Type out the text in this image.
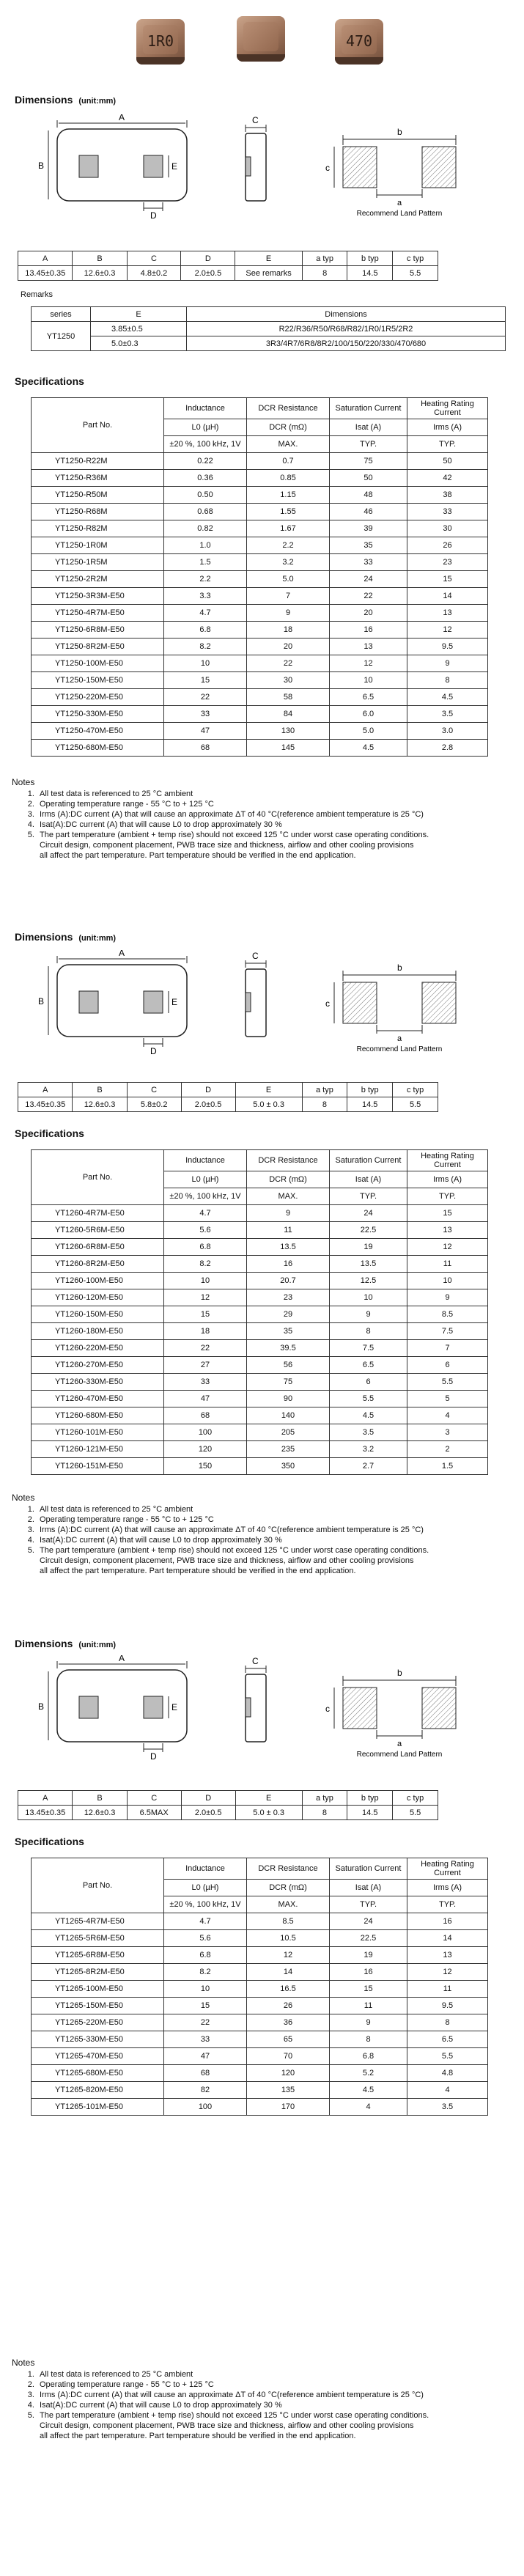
1R0	470
Dimensions (unit:mm)
A
B	E
D
C
b
c
a
Recommend Land Pattern
A	B	C	D	E	a typ	b typ	c typ
13.45±0.35	12.6±0.3	4.8±0.2	2.0±0.5	See remarks	8	14.5	5.5
Remarks
series	E	Dimensions
YT1250	3.85±0.5	R22/R36/R50/R68/R82/1R0/1R5/2R2
	5.0±0.3	3R3/4R7/6R8/8R2/100/150/220/330/470/680
Specifications
Part No.	Inductance	DCR Resistance	Saturation Current	Heating Rating Current
	L0 (µH)	DCR (mΩ)	Isat (A)	Irms (A)
	±20 %, 100 kHz, 1V	MAX.	TYP.	TYP.
YT1250-R22M	0.22	0.7	75	50
YT1250-R36M	0.36	0.85	50	42
YT1250-R50M	0.50	1.15	48	38
YT1250-R68M	0.68	1.55	46	33
YT1250-R82M	0.82	1.67	39	30
YT1250-1R0M	1.0	2.2	35	26
YT1250-1R5M	1.5	3.2	33	23
YT1250-2R2M	2.2	5.0	24	15
YT1250-3R3M-E50	3.3	7	22	14
YT1250-4R7M-E50	4.7	9	20	13
YT1250-6R8M-E50	6.8	18	16	12
YT1250-8R2M-E50	8.2	20	13	9.5
YT1250-100M-E50	10	22	12	9
YT1250-150M-E50	15	30	10	8
YT1250-220M-E50	22	58	6.5	4.5
YT1250-330M-E50	33	84	6.0	3.5
YT1250-470M-E50	47	130	5.0	3.0
YT1250-680M-E50	68	145	4.5	2.8
Notes
1. All test data is referenced to 25 °C ambient
2. Operating temperature range - 55 °C to + 125 °C
3. Irms (A):DC current (A) that will cause an approximate ΔT of 40 °C(reference ambient temperature is 25 °C)
4. Isat(A):DC current (A) that will cause L0 to drop approximately 30 %
5. The part temperature (ambient + temp rise) should not exceed 125 °C under worst case operating conditions.
Circuit design, component placement, PWB trace size and thickness, airflow and other cooling provisions
all affect the part temperature. Part temperature should be verified in the end application.
Dimensions (unit:mm)
A
B	E
D
C
b
c
a
Recommend Land Pattern
A	B	C	D	E	a typ	b typ	c typ
13.45±0.35	12.6±0.3	5.8±0.2	2.0±0.5	5.0 ± 0.3	8	14.5	5.5
Specifications
Part No.	Inductance	DCR Resistance	Saturation Current	Heating Rating Current
	L0 (µH)	DCR (mΩ)	Isat (A)	Irms (A)
	±20 %, 100 kHz, 1V	MAX.	TYP.	TYP.
YT1260-4R7M-E50	4.7	9	24	15
YT1260-5R6M-E50	5.6	11	22.5	13
YT1260-6R8M-E50	6.8	13.5	19	12
YT1260-8R2M-E50	8.2	16	13.5	11
YT1260-100M-E50	10	20.7	12.5	10
YT1260-120M-E50	12	23	10	9
YT1260-150M-E50	15	29	9	8.5
YT1260-180M-E50	18	35	8	7.5
YT1260-220M-E50	22	39.5	7.5	7
YT1260-270M-E50	27	56	6.5	6
YT1260-330M-E50	33	75	6	5.5
YT1260-470M-E50	47	90	5.5	5
YT1260-680M-E50	68	140	4.5	4
YT1260-101M-E50	100	205	3.5	3
YT1260-121M-E50	120	235	3.2	2
YT1260-151M-E50	150	350	2.7	1.5
Notes
1. All test data is referenced to 25 °C ambient
2. Operating temperature range - 55 °C to + 125 °C
3. Irms (A):DC current (A) that will cause an approximate ΔT of 40 °C(reference ambient temperature is 25 °C)
4. Isat(A):DC current (A) that will cause L0 to drop approximately 30 %
5. The part temperature (ambient + temp rise) should not exceed 125 °C under worst case operating conditions.
Circuit design, component placement, PWB trace size and thickness, airflow and other cooling provisions
all affect the part temperature. Part temperature should be verified in the end application.
Dimensions (unit:mm)
A
B	E
D
C
b
c
a
Recommend Land Pattern
A	B	C	D	E	a typ	b typ	c typ
13.45±0.35	12.6±0.3	6.5MAX	2.0±0.5	5.0 ± 0.3	8	14.5	5.5
Specifications
Part No.	Inductance	DCR Resistance	Saturation Current	Heating Rating Current
	L0 (µH)	DCR (mΩ)	Isat (A)	Irms (A)
	±20 %, 100 kHz, 1V	MAX.	TYP.	TYP.
YT1265-4R7M-E50	4.7	8.5	24	16
YT1265-5R6M-E50	5.6	10.5	22.5	14
YT1265-6R8M-E50	6.8	12	19	13
YT1265-8R2M-E50	8.2	14	16	12
YT1265-100M-E50	10	16.5	15	11
YT1265-150M-E50	15	26	11	9.5
YT1265-220M-E50	22	36	9	8
YT1265-330M-E50	33	65	8	6.5
YT1265-470M-E50	47	70	6.8	5.5
YT1265-680M-E50	68	120	5.2	4.8
YT1265-820M-E50	82	135	4.5	4
YT1265-101M-E50	100	170	4	3.5
Notes
1. All test data is referenced to 25 °C ambient
2. Operating temperature range - 55 °C to + 125 °C
3. Irms (A):DC current (A) that will cause an approximate ΔT of 40 °C(reference ambient temperature is 25 °C)
4. Isat(A):DC current (A) that will cause L0 to drop approximately 30 %
5. The part temperature (ambient + temp rise) should not exceed 125 °C under worst case operating conditions.
Circuit design, component placement, PWB trace size and thickness, airflow and other cooling provisions
all affect the part temperature. Part temperature should be verified in the end application.
